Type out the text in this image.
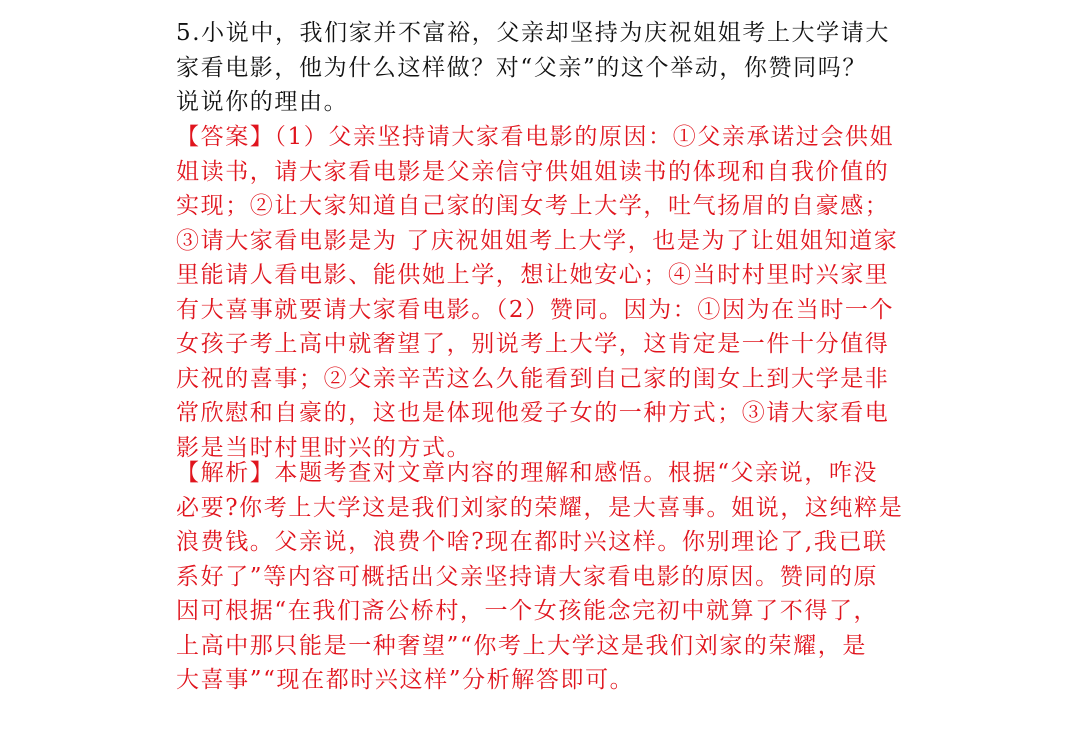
5.小说中，我们家并不富裕，父亲却坚持为庆祝姐姐考上大学请大
家看电影，他为什么这样做？对“父亲”的这个举动，你赞同吗？
说说你的理由。
【答案】（1）父亲坚持请大家看电影的原因：①父亲承诺过会供姐
姐读书，请大家看电影是父亲信守供姐姐读书的体现和自我价值的
实现；②让大家知道自己家的闺女考上大学，吐气扬眉的自豪感；
③请大家看电影是为 了庆祝姐姐考上大学，也是为了让姐姐知道家
里能请人看电影、能供她上学，想让她安心；④当时村里时兴家里
有大喜事就要请大家看电影。（2）赞同。因为：①因为在当时一个
女孩子考上高中就奢望了，别说考上大学，这肯定是一件十分值得
庆祝的喜事；②父亲辛苦这么久能看到自己家的闺女上到大学是非
常欣慰和自豪的，这也是体现他爱子女的一种方式；③请大家看电
影是当时村里时兴的方式。
【解析】本题考查对文章内容的理解和感悟。根据“父亲说，咋没
必要?你考上大学这是我们刘家的荣耀，是大喜事。姐说，这纯粹是
浪费钱。父亲说，浪费个啥?现在都时兴这样。你别理论了,我已联
系好了”等内容可概括出父亲坚持请大家看电影的原因。赞同的原
因可根据“在我们斋公桥村，一个女孩能念完初中就算了不得了，
上高中那只能是一种奢望”“你考上大学这是我们刘家的荣耀，是
大喜事”“现在都时兴这样”分析解答即可。
